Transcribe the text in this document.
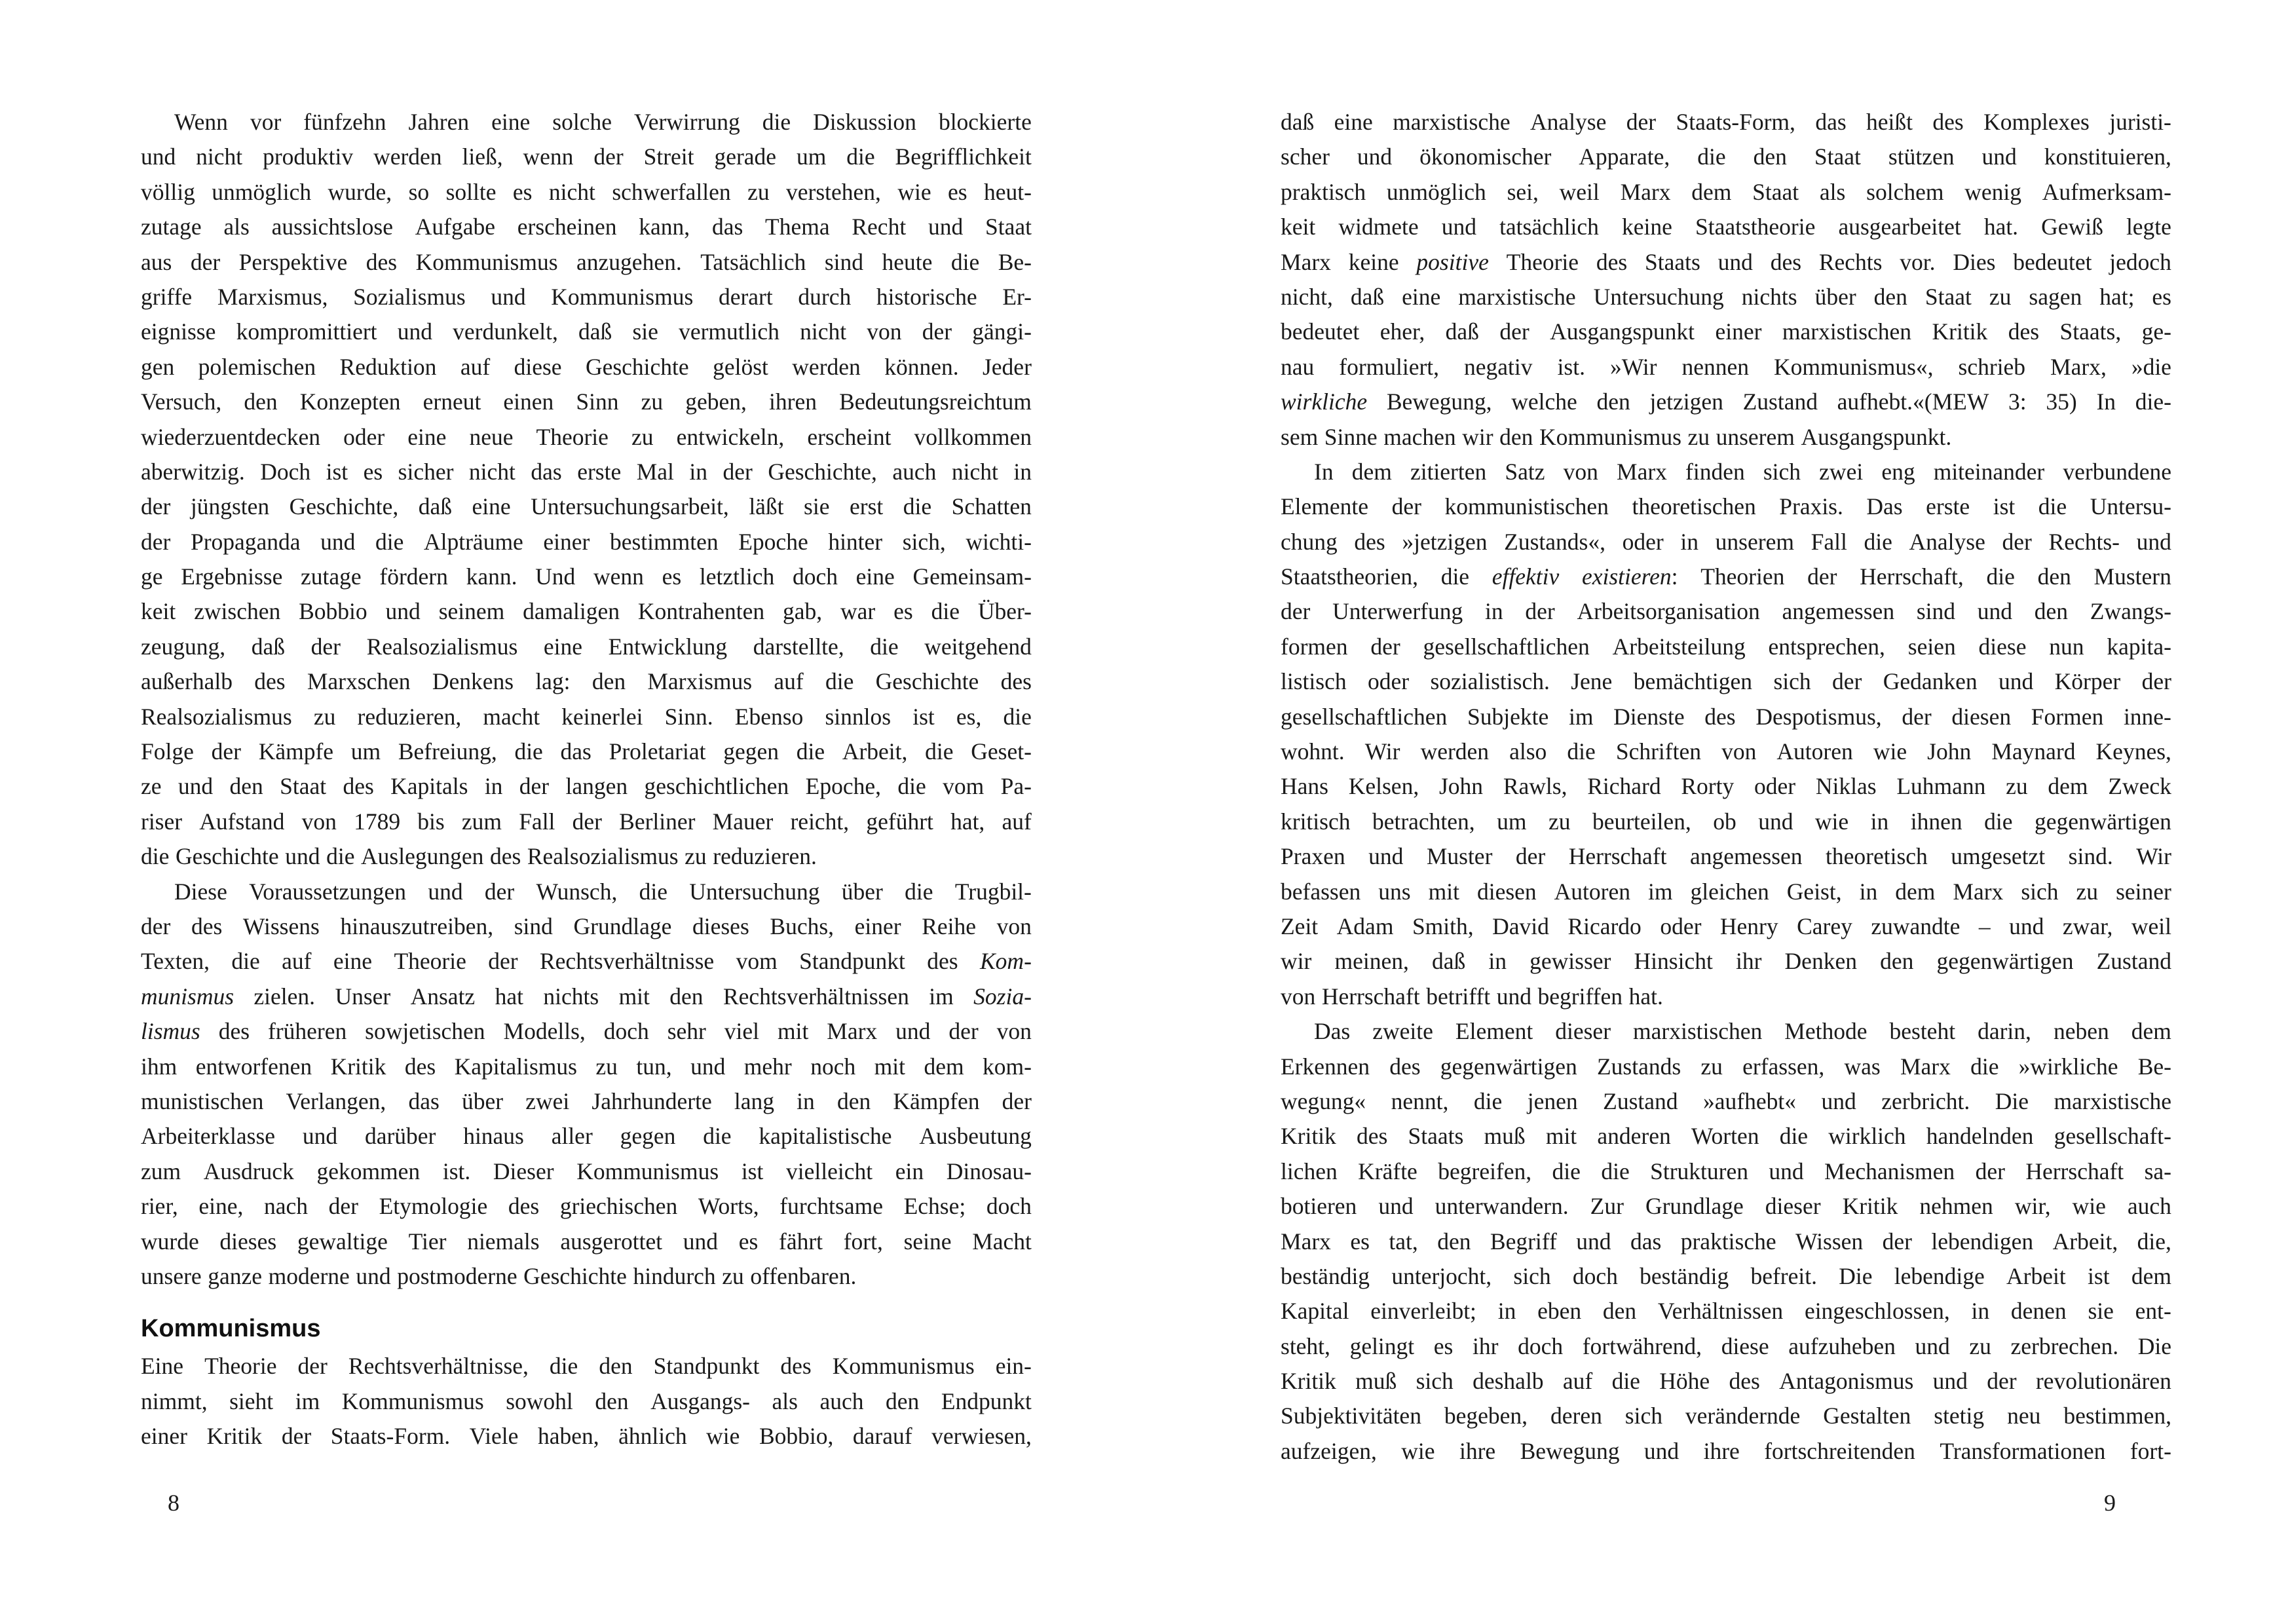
Wenn vor fünfzehn Jahren eine solche Verwirrung die Diskussion blockierte
und nicht produktiv werden ließ, wenn der Streit gerade um die Begrifflichkeit
völlig unmöglich wurde, so sollte es nicht schwerfallen zu verstehen, wie es heut-
zutage als aussichtslose Aufgabe erscheinen kann, das Thema Recht und Staat
aus der Perspektive des Kommunismus anzugehen. Tatsächlich sind heute die Be-
griffe Marxismus, Sozialismus und Kommunismus derart durch historische Er-
eignisse kompromittiert und verdunkelt, daß sie vermutlich nicht von der gängi-
gen polemischen Reduktion auf diese Geschichte gelöst werden können. Jeder
Versuch, den Konzepten erneut einen Sinn zu geben, ihren Bedeutungsreichtum
wiederzuentdecken oder eine neue Theorie zu entwickeln, erscheint vollkommen
aberwitzig. Doch ist es sicher nicht das erste Mal in der Geschichte, auch nicht in
der jüngsten Geschichte, daß eine Untersuchungsarbeit, läßt sie erst die Schatten
der Propaganda und die Alpträume einer bestimmten Epoche hinter sich, wichti-
ge Ergebnisse zutage fördern kann. Und wenn es letztlich doch eine Gemeinsam-
keit zwischen Bobbio und seinem damaligen Kontrahenten gab, war es die Über-
zeugung, daß der Realsozialismus eine Entwicklung darstellte, die weitgehend
außerhalb des Marxschen Denkens lag: den Marxismus auf die Geschichte des
Realsozialismus zu reduzieren, macht keinerlei Sinn. Ebenso sinnlos ist es, die
Folge der Kämpfe um Befreiung, die das Proletariat gegen die Arbeit, die Geset-
ze und den Staat des Kapitals in der langen geschichtlichen Epoche, die vom Pa-
riser Aufstand von 1789 bis zum Fall der Berliner Mauer reicht, geführt hat, auf
die Geschichte und die Auslegungen des Realsozialismus zu reduzieren.
Diese Voraussetzungen und der Wunsch, die Untersuchung über die Trugbil-
der des Wissens hinauszutreiben, sind Grundlage dieses Buchs, einer Reihe von
Texten, die auf eine Theorie der Rechtsverhältnisse vom Standpunkt des Kom-
munismus zielen. Unser Ansatz hat nichts mit den Rechtsverhältnissen im Sozia-
lismus des früheren sowjetischen Modells, doch sehr viel mit Marx und der von
ihm entworfenen Kritik des Kapitalismus zu tun, und mehr noch mit dem kom-
munistischen Verlangen, das über zwei Jahrhunderte lang in den Kämpfen der
Arbeiterklasse und darüber hinaus aller gegen die kapitalistische Ausbeutung
zum Ausdruck gekommen ist. Dieser Kommunismus ist vielleicht ein Dinosau-
rier, eine, nach der Etymologie des griechischen Worts, furchtsame Echse; doch
wurde dieses gewaltige Tier niemals ausgerottet und es fährt fort, seine Macht
unsere ganze moderne und postmoderne Geschichte hindurch zu offenbaren.
Kommunismus
Eine Theorie der Rechtsverhältnisse, die den Standpunkt des Kommunismus ein-
nimmt, sieht im Kommunismus sowohl den Ausgangs- als auch den Endpunkt
einer Kritik der Staats-Form. Viele haben, ähnlich wie Bobbio, darauf verwiesen,
8
daß eine marxistische Analyse der Staats-Form, das heißt des Komplexes juristi-
scher und ökonomischer Apparate, die den Staat stützen und konstituieren,
praktisch unmöglich sei, weil Marx dem Staat als solchem wenig Aufmerksam-
keit widmete und tatsächlich keine Staatstheorie ausgearbeitet hat. Gewiß legte
Marx keine positive Theorie des Staats und des Rechts vor. Dies bedeutet jedoch
nicht, daß eine marxistische Untersuchung nichts über den Staat zu sagen hat; es
bedeutet eher, daß der Ausgangspunkt einer marxistischen Kritik des Staats, ge-
nau formuliert, negativ ist. »Wir nennen Kommunismus«, schrieb Marx, »die
wirkliche Bewegung, welche den jetzigen Zustand aufhebt.«(MEW 3: 35) In die-
sem Sinne machen wir den Kommunismus zu unserem Ausgangspunkt.
In dem zitierten Satz von Marx finden sich zwei eng miteinander verbundene
Elemente der kommunistischen theoretischen Praxis. Das erste ist die Untersu-
chung des »jetzigen Zustands«, oder in unserem Fall die Analyse der Rechts- und
Staatstheorien, die effektiv existieren: Theorien der Herrschaft, die den Mustern
der Unterwerfung in der Arbeitsorganisation angemessen sind und den Zwangs-
formen der gesellschaftlichen Arbeitsteilung entsprechen, seien diese nun kapita-
listisch oder sozialistisch. Jene bemächtigen sich der Gedanken und Körper der
gesellschaftlichen Subjekte im Dienste des Despotismus, der diesen Formen inne-
wohnt. Wir werden also die Schriften von Autoren wie John Maynard Keynes,
Hans Kelsen, John Rawls, Richard Rorty oder Niklas Luhmann zu dem Zweck
kritisch betrachten, um zu beurteilen, ob und wie in ihnen die gegenwärtigen
Praxen und Muster der Herrschaft angemessen theoretisch umgesetzt sind. Wir
befassen uns mit diesen Autoren im gleichen Geist, in dem Marx sich zu seiner
Zeit Adam Smith, David Ricardo oder Henry Carey zuwandte – und zwar, weil
wir meinen, daß in gewisser Hinsicht ihr Denken den gegenwärtigen Zustand
von Herrschaft betrifft und begriffen hat.
Das zweite Element dieser marxistischen Methode besteht darin, neben dem
Erkennen des gegenwärtigen Zustands zu erfassen, was Marx die »wirkliche Be-
wegung« nennt, die jenen Zustand »aufhebt« und zerbricht. Die marxistische
Kritik des Staats muß mit anderen Worten die wirklich handelnden gesellschaft-
lichen Kräfte begreifen, die die Strukturen und Mechanismen der Herrschaft sa-
botieren und unterwandern. Zur Grundlage dieser Kritik nehmen wir, wie auch
Marx es tat, den Begriff und das praktische Wissen der lebendigen Arbeit, die,
beständig unterjocht, sich doch beständig befreit. Die lebendige Arbeit ist dem
Kapital einverleibt; in eben den Verhältnissen eingeschlossen, in denen sie ent-
steht, gelingt es ihr doch fortwährend, diese aufzuheben und zu zerbrechen. Die
Kritik muß sich deshalb auf die Höhe des Antagonismus und der revolutionären
Subjektivitäten begeben, deren sich verändernde Gestalten stetig neu bestimmen,
aufzeigen, wie ihre Bewegung und ihre fortschreitenden Transformationen fort-
9
